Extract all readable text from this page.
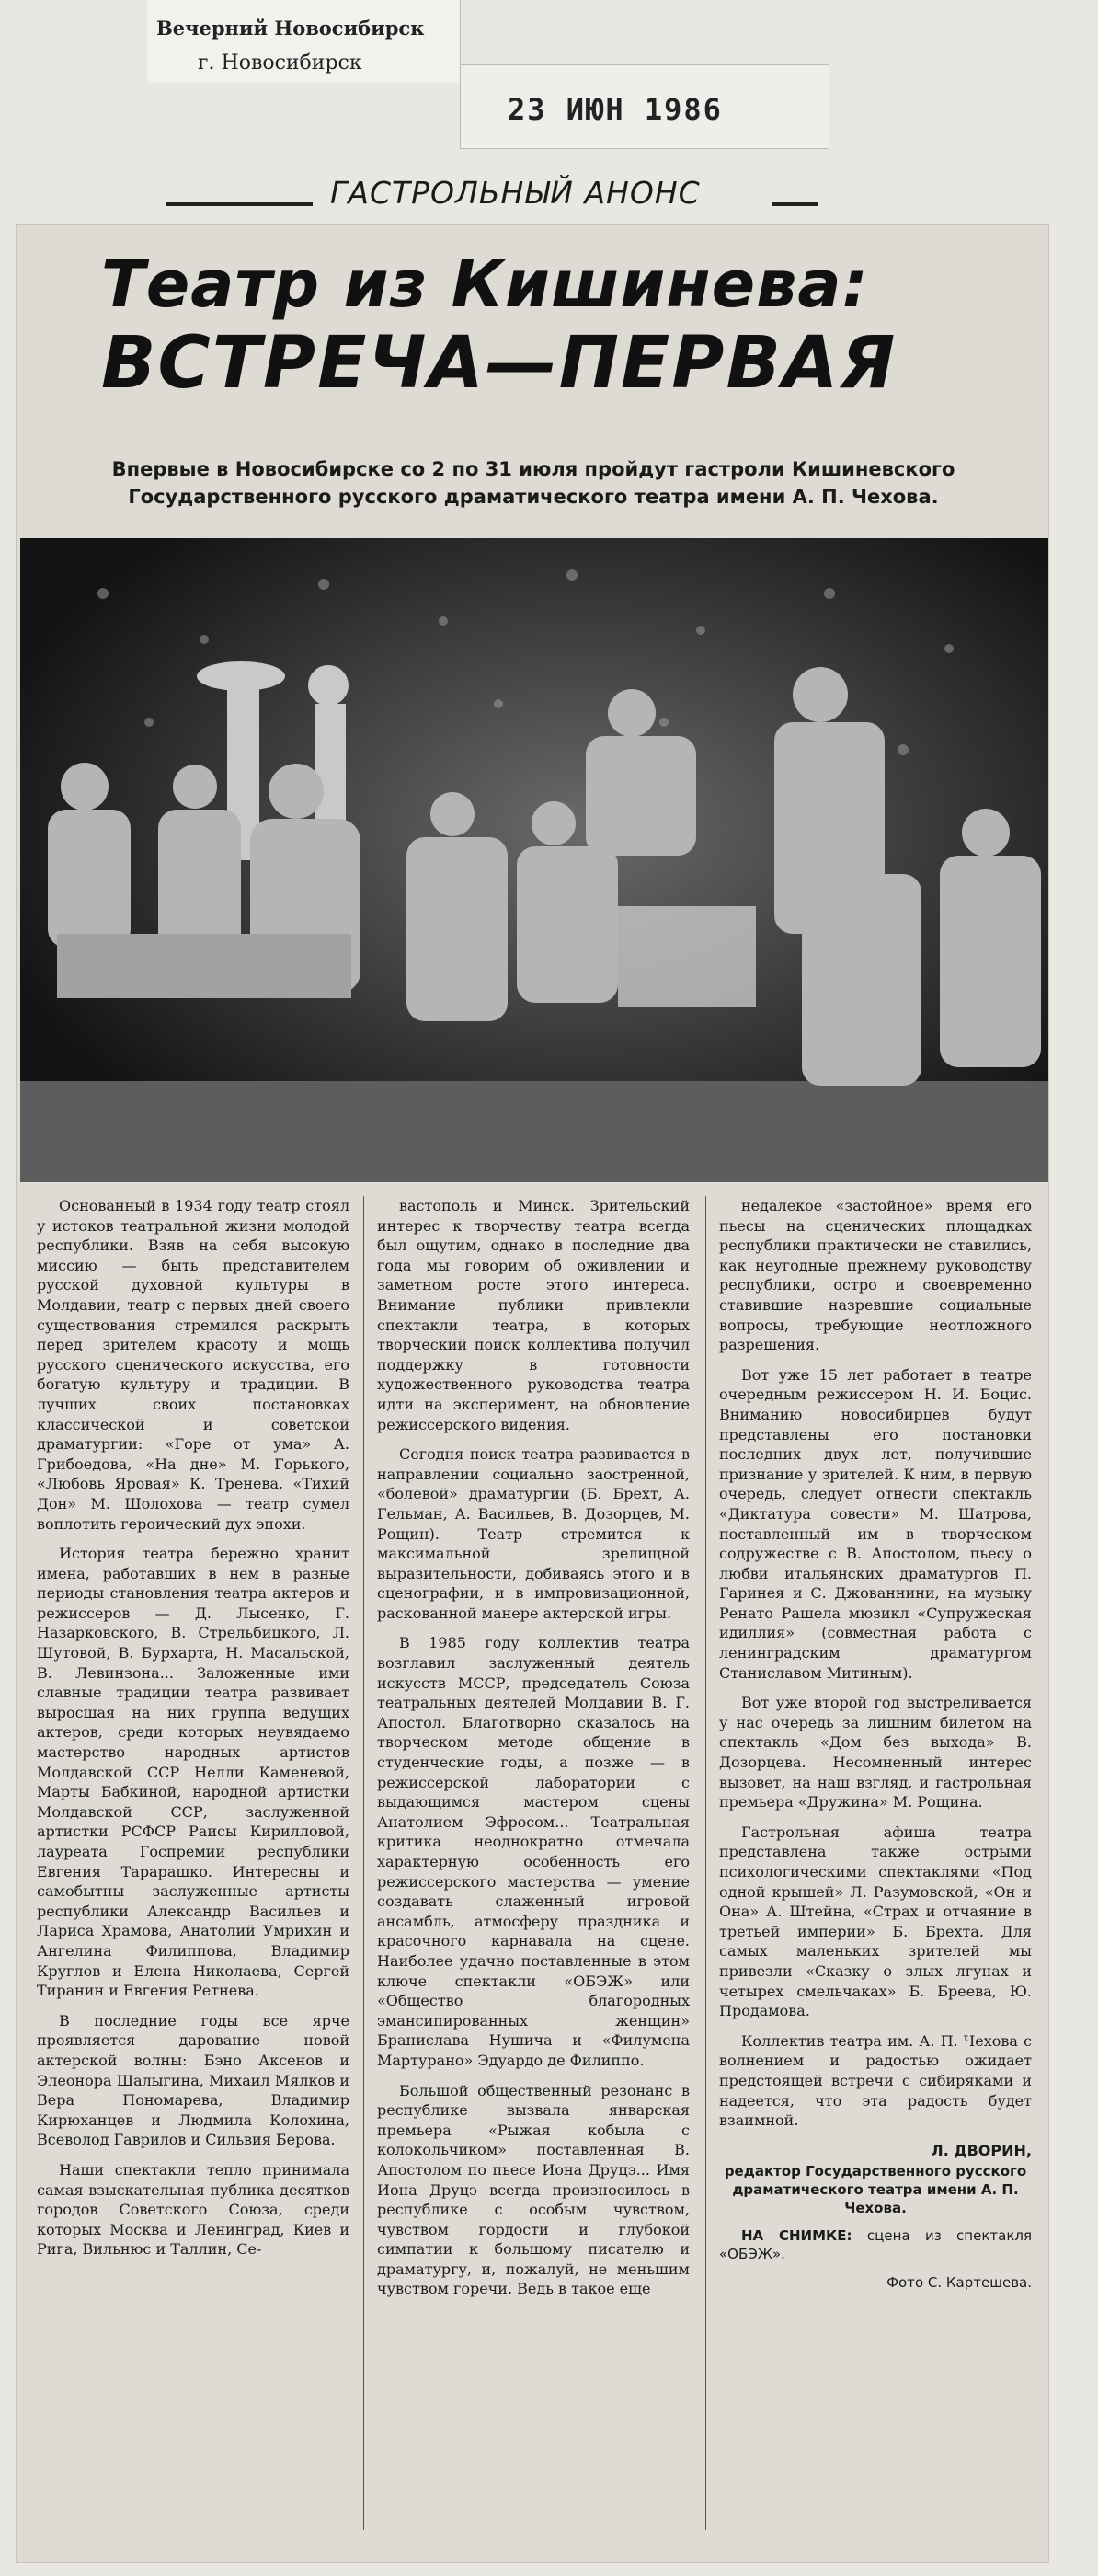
Вечерний Новосибирск
г. Новосибирск
23 ИЮН 1986
ГАСТРОЛЬНЫЙ АНОНС
Театр из Кишинева:
ВСТРЕЧА—ПЕРВАЯ
Впервые в Новосибирске со 2 по 31 июля пройдут гастроли Кишиневского Государственного русского драматического театра имени А. П. Чехова.

Основанный в 1934 году театр стоял у истоков театральной жизни молодой республики. Взяв на себя высокую миссию — быть представителем русской духовной культуры в Молдавии, театр с первых дней своего существования стремился раскрыть перед зрителем красоту и мощь русского сценического искусства, его богатую культуру и традиции. В лучших своих постановках классической и советской драматургии: «Горе от ума» А. Грибоедова, «На дне» М. Горького, «Любовь Яровая» К. Тренева, «Тихий Дон» М. Шолохова — театр сумел воплотить героический дух эпохи.

История театра бережно хранит имена, работавших в нем в разные периоды становления театра актеров и режиссеров — Д. Лысенко, Г. Назарковского, В. Стрельбицкого, Л. Шутовой, В. Бурхарта, Н. Масальской, В. Левинзона... Заложенные ими славные традиции театра развивает выросшая на них группа ведущих актеров, среди которых неувядаемо мастерство народных артистов Молдавской ССР Нелли Каменевой, Марты Бабкиной, народной артистки Молдавской ССР, заслуженной артистки РСФСР Раисы Кирилловой, лауреата Госпремии республики Евгения Тарарашко. Интересны и самобытны заслуженные артисты республики Александр Васильев и Лариса Храмова, Анатолий Умрихин и Ангелина Филиппова, Владимир Круглов и Елена Николаева, Сергей Тиранин и Евгения Ретнева.

В последние годы все ярче проявляется дарование новой актерской волны: Бэно Аксенов и Элеонора Шалыгина, Михаил Мялков и Вера Пономарева, Владимир Кирюханцев и Людмила Колохина, Всеволод Гаврилов и Сильвия Берова.

Наши спектакли тепло принимала самая взыскательная публика десятков городов Советского Союза, среди которых Москва и Ленинград, Киев и Рига, Вильнюс и Таллин, Се-

вастополь и Минск. Зрительский интерес к творчеству театра всегда был ощутим, однако в последние два года мы говорим об оживлении и заметном росте этого интереса. Внимание публики привлекли спектакли театра, в которых творческий поиск коллектива получил поддержку в готовности художественного руководства театра идти на эксперимент, на обновление режиссерского видения.

Сегодня поиск театра развивается в направлении социально заостренной, «болевой» драматургии (Б. Брехт, А. Гельман, А. Васильев, В. Дозорцев, М. Рощин). Театр стремится к максимальной зрелищной выразительности, добиваясь этого и в сценографии, и в импровизационной, раскованной манере актерской игры.

В 1985 году коллектив театра возглавил заслуженный деятель искусств МССР, председатель Союза театральных деятелей Молдавии В. Г. Апостол. Благотворно сказалось на творческом методе общение в студенческие годы, а позже — в режиссерской лаборатории с выдающимся мастером сцены Анатолием Эфросом... Театральная критика неоднократно отмечала характерную особенность его режиссерского мастерства — умение создавать слаженный игровой ансамбль, атмосферу праздника и красочного карнавала на сцене. Наиболее удачно поставленные в этом ключе спектакли «ОБЭЖ» или «Общество благородных эмансипированных женщин» Бранислава Нушича и «Филумена Мартурано» Эдуардо де Филиппо.

Большой общественный резонанс в республике вызвала январская премьера «Рыжая кобыла с колокольчиком» поставленная В. Апостолом по пьесе Иона Друцэ... Имя Иона Друцэ всегда произносилось в республике с особым чувством, чувством гордости и глубокой симпатии к большому писателю и драматургу, и, пожалуй, не меньшим чувством горечи. Ведь в такое еще

недалекое «застойное» время его пьесы на сценических площадках республики практически не ставились, как неугодные прежнему руководству республики, остро и своевременно ставившие назревшие социальные вопросы, требующие неотложного разрешения.

Вот уже 15 лет работает в театре очередным режиссером Н. И. Боцис. Вниманию новосибирцев будут представлены его постановки последних двух лет, получившие признание у зрителей. К ним, в первую очередь, следует отнести спектакль «Диктатура совести» М. Шатрова, поставленный им в творческом содружестве с В. Апостолом, пьесу о любви итальянских драматургов П. Гаринея и С. Джованнини, на музыку Ренато Рашела мюзикл «Супружеская идиллия» (совместная работа с ленинградским драматургом Станиславом Митиным).

Вот уже второй год выстреливается у нас очередь за лишним билетом на спектакль «Дом без выхода» В. Дозорцева. Несомненный интерес вызовет, на наш взгляд, и гастрольная премьера «Дружина» М. Рощина.

Гастрольная афиша театра представлена также острыми психологическими спектаклями «Под одной крышей» Л. Разумовской, «Он и Она» А. Штейна, «Страх и отчаяние в третьей империи» Б. Брехта. Для самых маленьких зрителей мы привезли «Сказку о злых лгунах и четырех смельчаках» Б. Бреева, Ю. Продамова.

Коллектив театра им. А. П. Чехова с волнением и радостью ожидает предстоящей встречи с сибиряками и надеется, что эта радость будет взаимной.

Л. ДВОРИН,
редактор Государственного русского драматического театра имени А. П. Чехова.

НА СНИМКЕ: сцена из спектакля «ОБЭЖ».

Фото С. Картешева.
